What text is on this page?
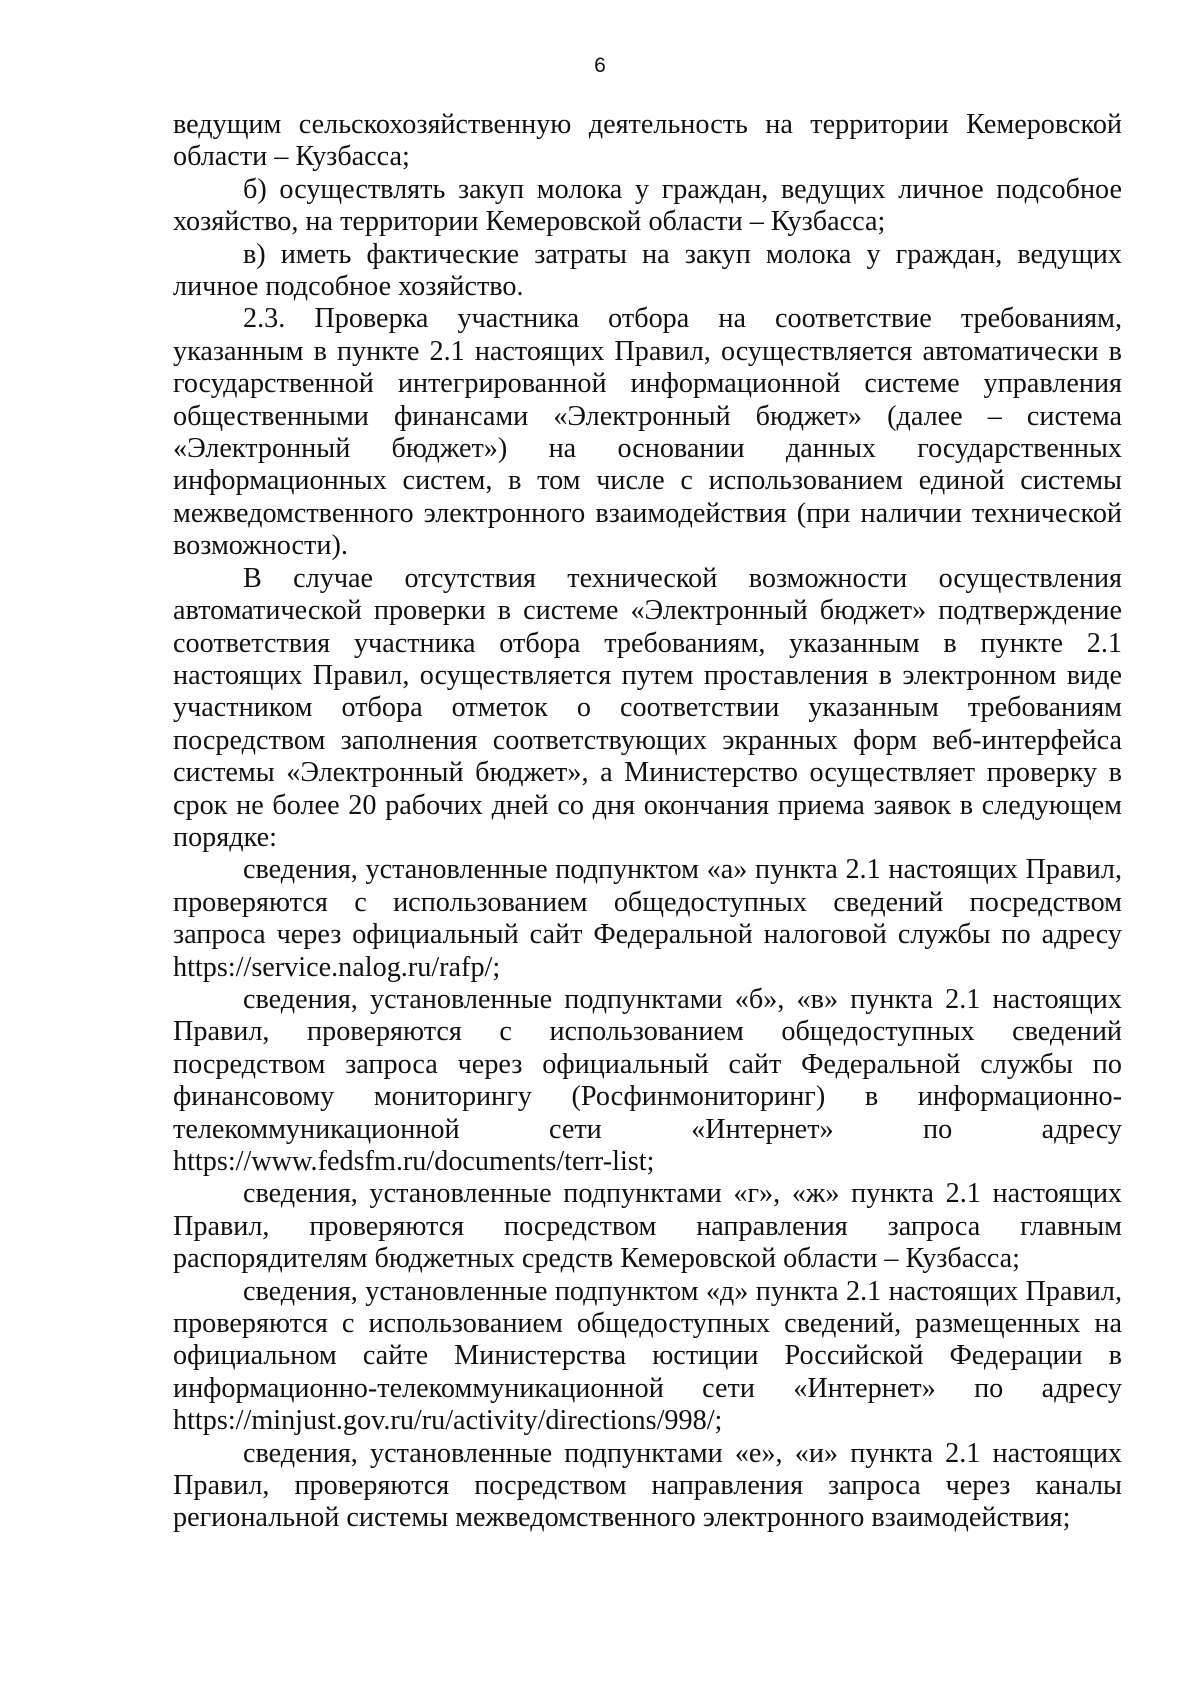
6

ведущим сельскохозяйственную деятельность на территории Кемеровской области – Кузбасса;

б) осуществлять закуп молока у граждан, ведущих личное подсобное хозяйство, на территории Кемеровской области – Кузбасса;

в) иметь фактические затраты на закуп молока у граждан, ведущих личное подсобное хозяйство.

2.3. Проверка участника отбора на соответствие требованиям, указанным в пункте 2.1 настоящих Правил, осуществляется автоматически в государственной интегрированной информационной системе управления общественными финансами «Электронный бюджет» (далее – система «Электронный бюджет») на основании данных государственных информационных систем, в том числе с использованием единой системы межведомственного электронного взаимодействия (при наличии технической возможности).

В случае отсутствия технической возможности осуществления автоматической проверки в системе «Электронный бюджет» подтверждение соответствия участника отбора требованиям, указанным в пункте 2.1 настоящих Правил, осуществляется путем проставления в электронном виде участником отбора отметок о соответствии указанным требованиям посредством заполнения соответствующих экранных форм веб-интерфейса системы «Электронный бюджет», а Министерство осуществляет проверку в срок не более 20 рабочих дней со дня окончания приема заявок в следующем порядке:

сведения, установленные подпунктом «а» пункта 2.1 настоящих Правил, проверяются с использованием общедоступных сведений посредством запроса через официальный сайт Федеральной налоговой службы по адресу https://service.nalog.ru/rafp/;

сведения, установленные подпунктами «б», «в» пункта 2.1 настоящих Правил, проверяются с использованием общедоступных сведений посредством запроса через официальный сайт Федеральной службы по финансовому мониторингу (Росфинмониторинг) в информационно-телекоммуникационной сети «Интернет» по адресу https://www.fedsfm.ru/documents/terr-list;

сведения, установленные подпунктами «г», «ж» пункта 2.1 настоящих Правил, проверяются посредством направления запроса главным распорядителям бюджетных средств Кемеровской области – Кузбасса;

сведения, установленные подпунктом «д» пункта 2.1 настоящих Правил, проверяются с использованием общедоступных сведений, размещенных на официальном сайте Министерства юстиции Российской Федерации в информационно-телекоммуникационной сети «Интернет» по адресу https://minjust.gov.ru/ru/activity/directions/998/;

сведения, установленные подпунктами «е», «и» пункта 2.1 настоящих Правил, проверяются посредством направления запроса через каналы региональной системы межведомственного электронного взаимодействия;
